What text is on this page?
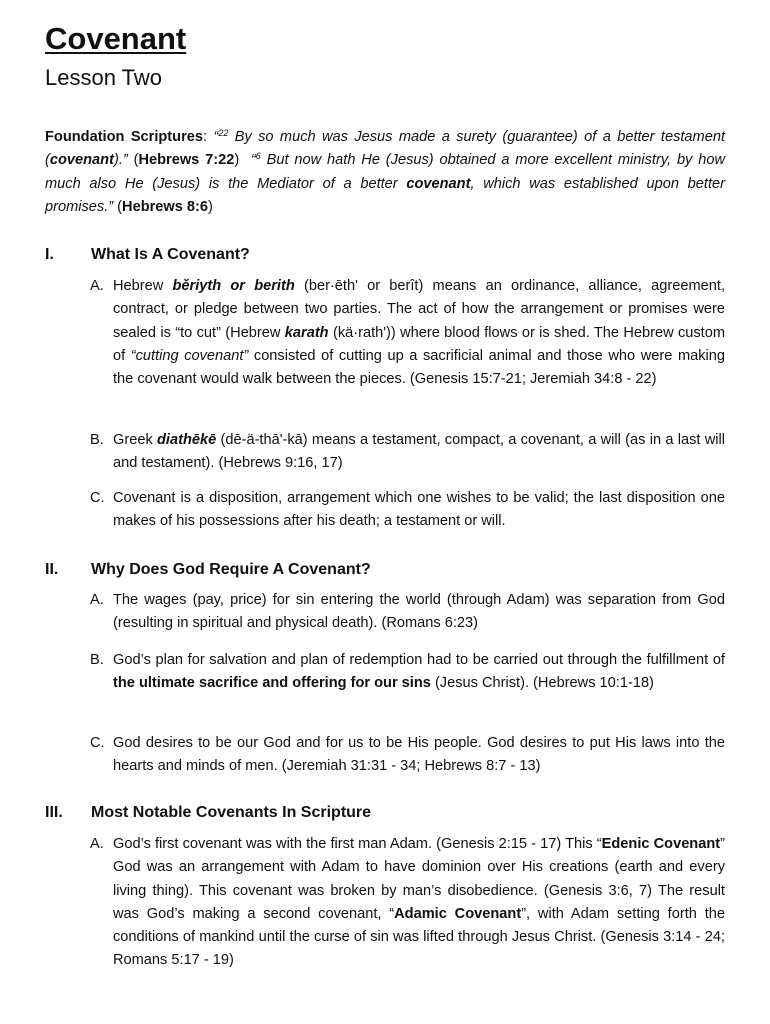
Covenant
Lesson Two

Foundation Scriptures: “$^{22}$ By so much was Jesus made a surety (guarantee) of a better testament (covenant).” (Hebrews 7:22)  “$^6$ But now hath He (Jesus) obtained a more excellent ministry, by how much also He (Jesus) is the Mediator of a better covenant, which was established upon better promises.” (Hebrews 8:6)

I. What Is A Covenant?
A. Hebrew běriyth or berith (ber·ēth' or berît) means an ordinance, alliance, agreement, contract, or pledge between two parties. The act of how the arrangement or promises were sealed is “to cut” (Hebrew karath (kä·rath')) where blood flows or is shed. The Hebrew custom of “cutting covenant” consisted of cutting up a sacrificial animal and those who were making the covenant would walk between the pieces. (Genesis 15:7-21; Jeremiah 34:8 - 22)
B. Greek diathēkē (dē-ä-thā'-kā) means a testament, compact, a covenant, a will (as in a last will and testament). (Hebrews 9:16, 17)
C. Covenant is a disposition, arrangement which one wishes to be valid; the last disposition one makes of his possessions after his death; a testament or will.
II. Why Does God Require A Covenant?
A. The wages (pay, price) for sin entering the world (through Adam) was separation from God (resulting in spiritual and physical death). (Romans 6:23)
B. God’s plan for salvation and plan of redemption had to be carried out through the fulfillment of the ultimate sacrifice and offering for our sins (Jesus Christ). (Hebrews 10:1-18)
C. God desires to be our God and for us to be His people. God desires to put His laws into the hearts and minds of men. (Jeremiah 31:31 - 34; Hebrews 8:7 - 13)
III. Most Notable Covenants In Scripture
A. God’s first covenant was with the first man Adam. (Genesis 2:15 - 17) This “Edenic Covenant” God was an arrangement with Adam to have dominion over His creations (earth and every living thing). This covenant was broken by man’s disobedience. (Genesis 3:6, 7) The result was God’s making a second covenant, “Adamic Covenant”, with Adam setting forth the conditions of mankind until the curse of sin was lifted through Jesus Christ. (Genesis 3:14 - 24; Romans 5:17 - 19)
